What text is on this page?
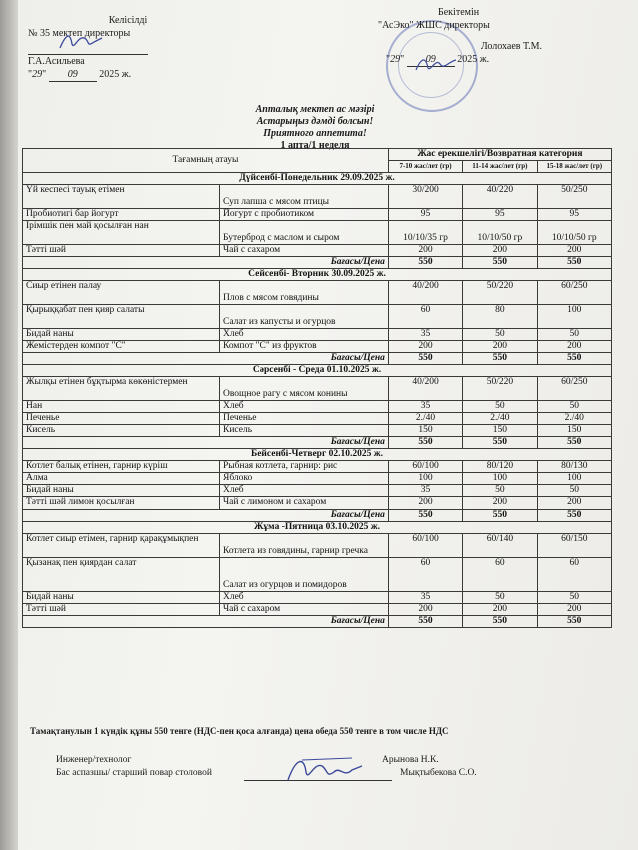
Келісілді
№ 35 мектеп директоры
Г.А.Асильева
"29" 09 2025 ж.
Бекітемін
"АсЭко" ЖШС директоры
Лолохаев Т.М.
"29" 09 2025 ж.
Апталық мектеп ас мәзірі
Астарыңыз дәмді болсын!
Приятного аппетита!
1 апта/1 неделя
Тағамның атауы		Жас ерекшелігі/Возвратная категория		
		7-10 жас/лет (гр)	11-14 жас/лет (гр)	15-18 жас/лет (гр)
Дүйсенбі-Понедельник 29.09.2025 ж.				
Үй кеспесі тауық етімен	Суп лапша с мясом птицы	30/200	40/220	50/250
Пробиотигі бар йогурт	Йогурт с пробиотиком	95	95	95
Ірімшік пен май қосылған нан	Бутерброд с маслом и сыром	10/10/35 гр	10/10/50 гр	10/10/50 гр
Тәтті шәй	Чай с сахаром	200	200	200
Бағасы/Цена		550	550	550
Сейсенбі- Вторник 30.09.2025 ж.				
Сиыр етінен палау	Плов с мясом говядины	40/200	50/220	60/250
Қырыққабат пен қияр салаты	Салат из капусты и огурцов	60	80	100
Бидай наны	Хлеб	35	50	50
Жемістерден компот "С"	Компот "С" из фруктов	200	200	200
Бағасы/Цена		550	550	550
Сәрсенбі - Среда 01.10.2025 ж.				
Жылқы етінен бұқтырма көкөністермен	Овощное рагу с мясом конины	40/200	50/220	60/250
Нан	Хлеб	35	50	50
Печенье	Печенье	2./40	2./40	2./40
Кисель	Кисель	150	150	150
Бағасы/Цена		550	550	550
Бейсенбі-Четверг 02.10.2025 ж.				
Котлет балық етінен, гарнир күріш	Рыбная котлета, гарнир: рис	60/100	80/120	80/130
Алма	Яблоко	100	100	100
Бидай наны	Хлеб	35	50	50
Тәтті шәй лимон қосылған	Чай с лимоном и сахаром	200	200	200
Бағасы/Цена		550	550	550
Жұма -Пятница 03.10.2025 ж.				
Котлет сиыр етімен, гарнир қарақұмықпен	Котлета из говядины, гарнир гречка	60/100	60/140	60/150
Қызанақ пен қиярдан салат	Салат из огурцов и помидоров	60	60	60
Бидай наны	Хлеб	35	50	50
Тәтті шәй	Чай с сахаром	200	200	200
Бағасы/Цена		550	550	550
Тамақтанулын 1 күндік құны 550 тенге (НДС-пен қоса алғанда) цена обеда 550 тенге в том числе НДС
Инженер/технолог	Арынова Н.К.
Бас аспазшы/ старший повар столовой	Мықтыбекова С.О.
